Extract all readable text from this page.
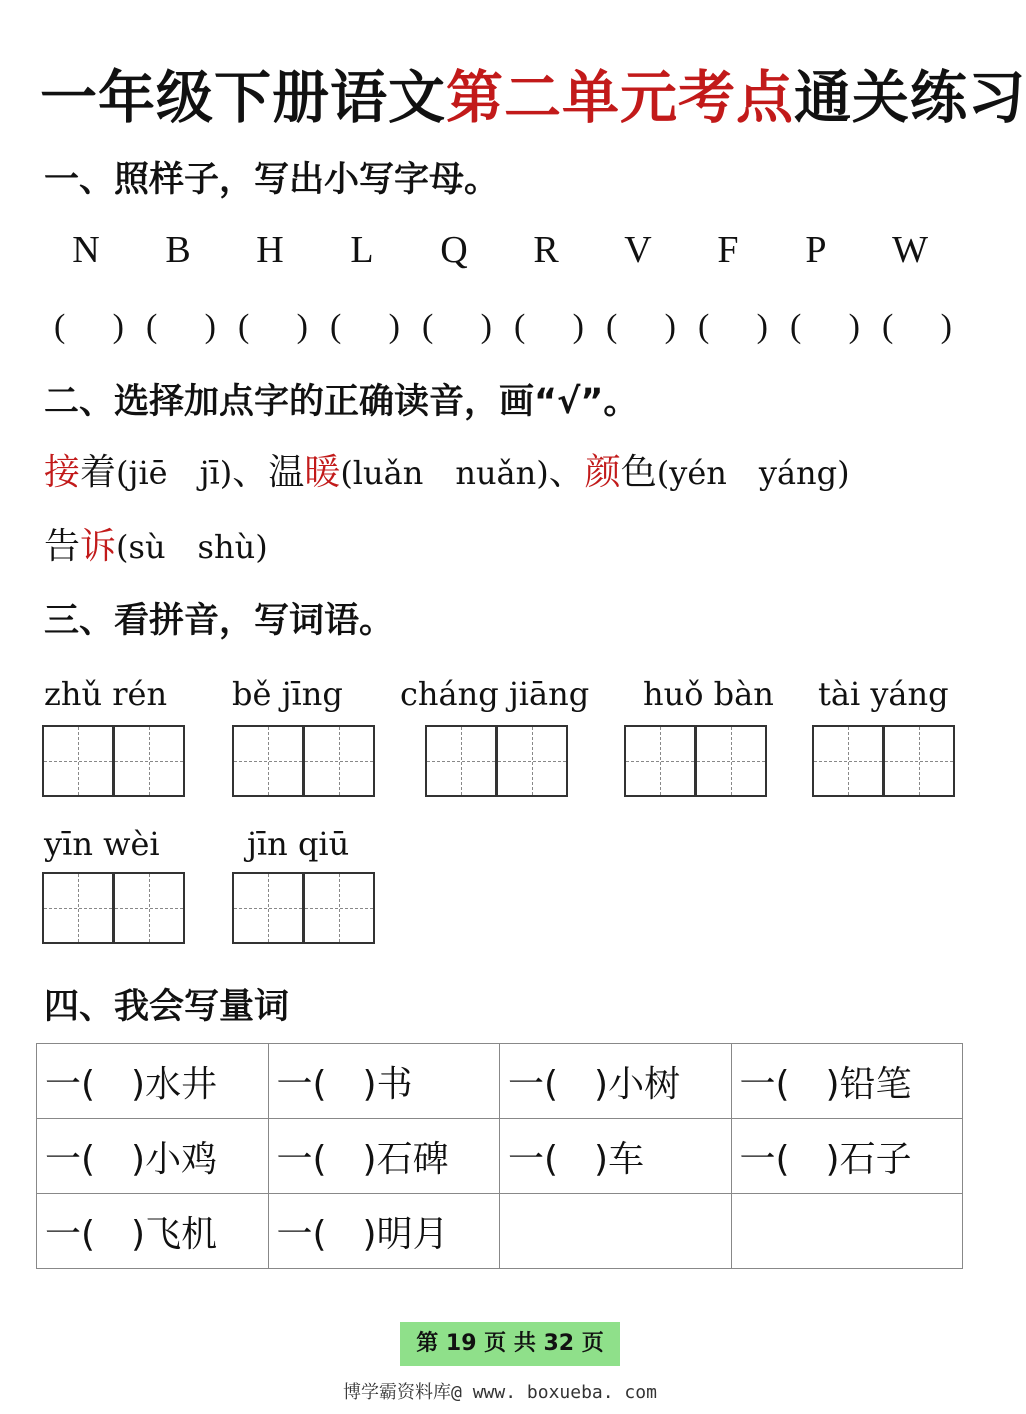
一年级下册语文第二单元考点通关练习
一、照样子，写出小写字母。
N	B	H	L	Q	R	V	F	P	W
( ) ( ) ( ) ( ) ( ) ( ) ( ) ( ) ( ) ( )
二、选择加点字的正确读音，画“√”。
接着(jiē　jī)、温暖(luǎn　nuǎn)、颜色(yén　yáng)
告诉(sù　shù)
三、看拼音，写词语。
zhǔ rén bě jīng cháng jiāng huǒ bàn tài yáng
yīn wèi	jīn qiū
四、我会写量词
一(　)水井	一(　)书	一(　)小树	一(　)铅笔
一(　)小鸡	一(　)石碑	一(　)车	一(　)石子
一(　)飞机	一(　)明月		
第 19 页 共 32 页
博学霸资料库@ www. boxueba. com
